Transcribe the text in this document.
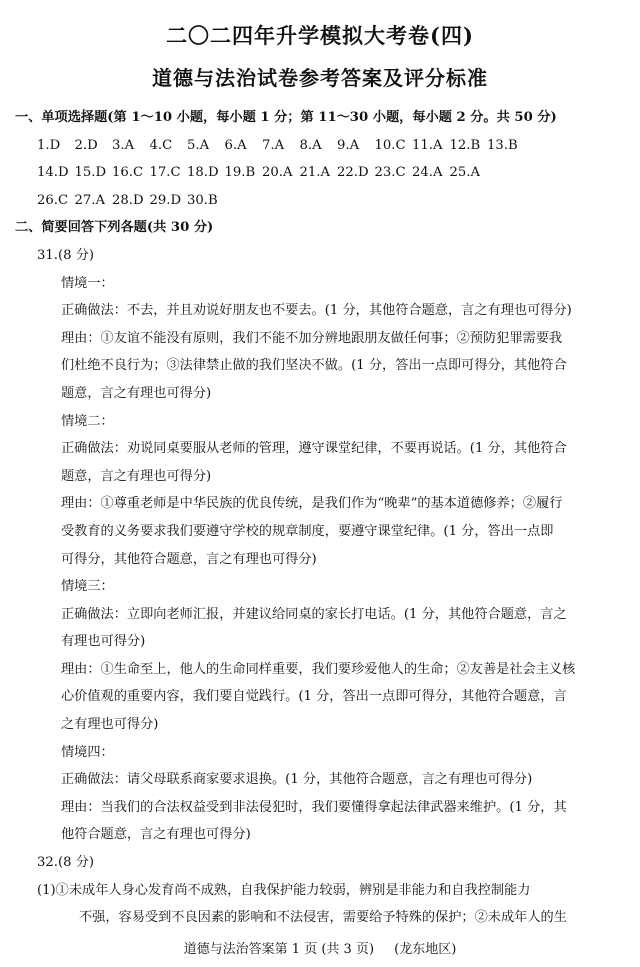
二〇二四年升学模拟大考卷(四)
道德与法治试卷参考答案及评分标准
一、单项选择题(第 1～10 小题，每小题 1 分；第 11～30 小题，每小题 2 分。共 50 分)
1.D 2.D 3.A 4.C 5.A 6.A 7.A 8.A 9.A 10.C 11.A 12.B 13.B
14.D 15.D 16.C 17.C 18.D 19.B 20.A 21.A 22.D 23.C 24.A 25.A
26.C 27.A 28.D 29.D 30.B
二、简要回答下列各题(共 30 分)
31.(8 分)
情境一：
正确做法：不去，并且劝说好朋友也不要去。(1 分，其他符合题意，言之有理也可得分)
理由：①友谊不能没有原则，我们不能不加分辨地跟朋友做任何事；②预防犯罪需要我
们杜绝不良行为；③法律禁止做的我们坚决不做。(1 分，答出一点即可得分，其他符合
题意，言之有理也可得分)
情境二：
正确做法：劝说同桌要服从老师的管理，遵守课堂纪律，不要再说话。(1 分，其他符合
题意，言之有理也可得分)
理由：①尊重老师是中华民族的优良传统，是我们作为“晚辈”的基本道德修养；②履行
受教育的义务要求我们要遵守学校的规章制度，要遵守课堂纪律。(1 分，答出一点即
可得分，其他符合题意，言之有理也可得分)
情境三：
正确做法：立即向老师汇报，并建议给同桌的家长打电话。(1 分，其他符合题意，言之
有理也可得分)
理由：①生命至上，他人的生命同样重要，我们要珍爱他人的生命；②友善是社会主义核
心价值观的重要内容，我们要自觉践行。(1 分，答出一点即可得分，其他符合题意，言
之有理也可得分)
情境四：
正确做法：请父母联系商家要求退换。(1 分，其他符合题意，言之有理也可得分)
理由：当我们的合法权益受到非法侵犯时，我们要懂得拿起法律武器来维护。(1 分，其
他符合题意，言之有理也可得分)
32.(8 分)
(1)①未成年人身心发育尚不成熟，自我保护能力较弱，辨别是非能力和自我控制能力
不强，容易受到不良因素的影响和不法侵害，需要给予特殊的保护；②未成年人的生
道德与法治答案第 1 页 (共 3 页) (龙东地区)
